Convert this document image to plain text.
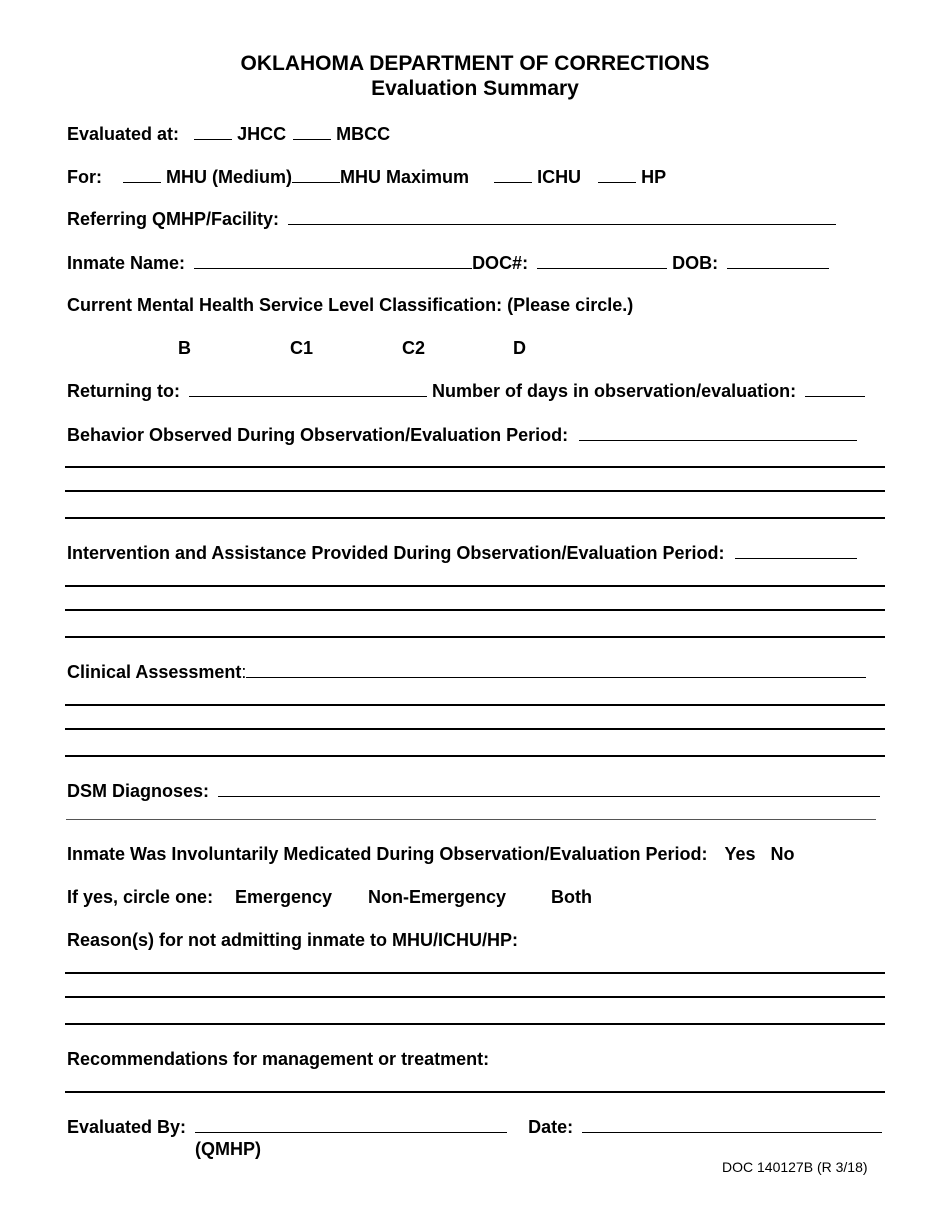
OKLAHOMA DEPARTMENT OF CORRECTIONS
Evaluation Summary
Evaluated at:	JHCC	MBCC
For:	MHU (Medium)	MHU Maximum	ICHU	HP
Referring QMHP/Facility:
Inmate Name:	DOC#:	DOB:
Current Mental Health Service Level Classification: (Please circle.)
B	C1	C2	D
Returning to:	Number of days in observation/evaluation:
Behavior Observed During Observation/Evaluation Period:
Intervention and Assistance Provided During Observation/Evaluation Period:
Clinical Assessment:
DSM Diagnoses:
Inmate Was Involuntarily Medicated During Observation/Evaluation Period: Yes No
If yes, circle one: Emergency Non-Emergency Both
Reason(s) for not admitting inmate to MHU/ICHU/HP:
Recommendations for management or treatment:
Evaluated By:	Date:
(QMHP)
DOC 140127B (R 3/18)
